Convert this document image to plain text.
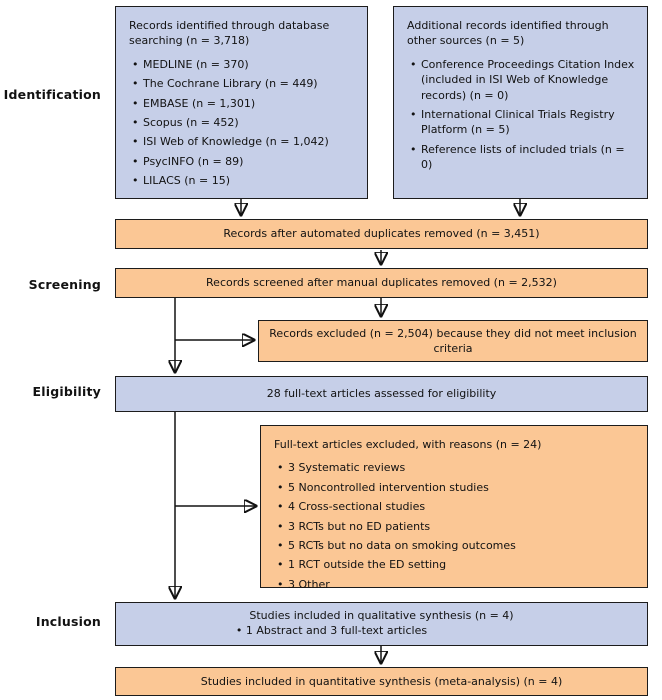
Identification
Screening
Eligibility
Inclusion

Records identified through database searching (n = 3,718)

• MEDLINE (n = 370)
• The Cochrane Library (n = 449)
• EMBASE (n = 1,301)
• Scopus (n = 452)
• ISI Web of Knowledge (n = 1,042)
• PsycINFO (n = 89)
• LILACS (n = 15)

Additional records identified through other sources (n = 5)

• Conference Proceedings Citation Index (included in ISI Web of Knowledge records) (n = 0)
• International Clinical Trials Registry Platform (n = 5)
• Reference lists of included trials (n = 0)
Records after automated duplicates removed (n = 3,451)
Records screened after manual duplicates removed (n = 2,532)
Records excluded (n = 2,504) because they did not meet inclusion criteria
28 full-text articles assessed for eligibility

Full-text articles excluded, with reasons (n = 24)

• 3 Systematic reviews
• 5 Noncontrolled intervention studies
• 4 Cross-sectional studies
• 3 RCTs but no ED patients
• 5 RCTs but no data on smoking outcomes
• 1 RCT outside the ED setting
• 3 Other
Studies included in qualitative synthesis (n = 4)
• 1 Abstract and 3 full-text articles
Studies included in quantitative synthesis (meta-analysis) (n = 4)
